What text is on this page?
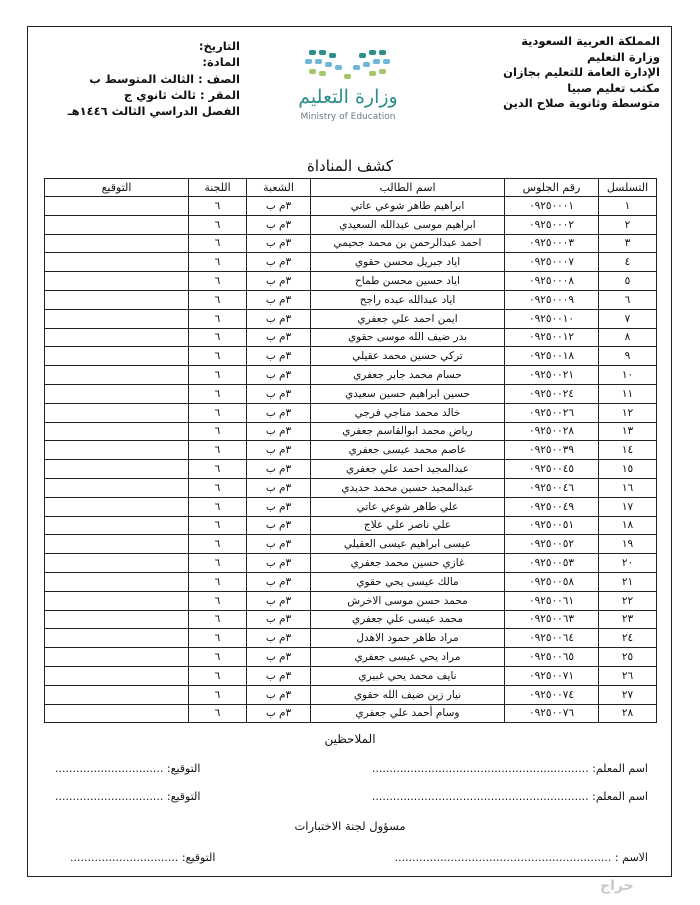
المملكة العربية السعودية
وزارة التعليم
الإدارة العامة للتعليم بجازان
مكتب تعليم صبيا
متوسطة وثانوية صلاح الدين
وزارة التعليم
Ministry of Education
التاريخ:
المادة:
الصف : الثالث المتوسط ب
المقر : ثالث ثانوي ج
الفصل الدراسي الثالث ١٤٤٦هـ
كشف المناداة
التسلسل	رقم الجلوس	اسم الطالب	الشعبة	اللجنة	التوقيع
١	٠٩٢٥٠٠٠١	ابراهيم طاهر شوعي عاتي	٣م ب	٦	
٢	٠٩٢٥٠٠٠٢	ابراهيم موسى عبدالله السعيدي	٣م ب	٦	
٣	٠٩٢٥٠٠٠٣	احمد عبدالرحمن بن محمد جحيمي	٣م ب	٦	
٤	٠٩٢٥٠٠٠٧	اياد جبريل محسن حقوي	٣م ب	٦	
٥	٠٩٢٥٠٠٠٨	اياد حسين محسن طماح	٣م ب	٦	
٦	٠٩٢٥٠٠٠٩	اياد عبدالله عبده راجح	٣م ب	٦	
٧	٠٩٢٥٠٠١٠	ايمن احمد علي جعفري	٣م ب	٦	
٨	٠٩٢٥٠٠١٢	بدر ضيف الله موسى حقوي	٣م ب	٦	
٩	٠٩٢٥٠٠١٨	تركي حسين محمد عقيلي	٣م ب	٦	
١٠	٠٩٢٥٠٠٢١	حسام محمد جابر جعفري	٣م ب	٦	
١١	٠٩٢٥٠٠٢٤	حسين ابراهيم حسين سعيدي	٣م ب	٦	
١٢	٠٩٢٥٠٠٢٦	خالد محمد مناجي فرجي	٣م ب	٦	
١٣	٠٩٢٥٠٠٢٨	رياض محمد ابوالقاسم جعفري	٣م ب	٦	
١٤	٠٩٢٥٠٠٣٩	عاصم محمد عيسى جعفري	٣م ب	٦	
١٥	٠٩٢٥٠٠٤٥	عبدالمجيد احمد علي جعفري	٣م ب	٦	
١٦	٠٩٢٥٠٠٤٦	عبدالمجيد حسين محمد حديدي	٣م ب	٦	
١٧	٠٩٢٥٠٠٤٩	علي طاهر شوعي عاتي	٣م ب	٦	
١٨	٠٩٢٥٠٠٥١	علي ناصر علي علاج	٣م ب	٦	
١٩	٠٩٢٥٠٠٥٢	عيسى ابراهيم عيسى العقيلي	٣م ب	٦	
٢٠	٠٩٢٥٠٠٥٣	غازي حسين محمد جعفري	٣م ب	٦	
٢١	٠٩٢٥٠٠٥٨	مالك عيسى يحي حقوي	٣م ب	٦	
٢٢	٠٩٢٥٠٠٦١	محمد حسن موسى الاخرش	٣م ب	٦	
٢٣	٠٩٢٥٠٠٦٣	محمد عيسى علي جعفري	٣م ب	٦	
٢٤	٠٩٢٥٠٠٦٤	مراد طاهر حمود الاهدل	٣م ب	٦	
٢٥	٠٩٢٥٠٠٦٥	مراد يحي عيسى جعفري	٣م ب	٦	
٢٦	٠٩٢٥٠٠٧١	نايف محمد يحي غبيري	٣م ب	٦	
٢٧	٠٩٢٥٠٠٧٤	نيار زين ضيف الله حقوي	٣م ب	٦	
٢٨	٠٩٢٥٠٠٧٦	وسام أحمد علي جعفري	٣م ب	٦	
الملاحظين
اسم المعلم: ..............................................................
التوقيع: ...............................
اسم المعلم: ..............................................................
التوقيع: ...............................
مسؤول لجنة الاختبارات
الاسم : ..............................................................
التوقيع: ...............................
حراج
